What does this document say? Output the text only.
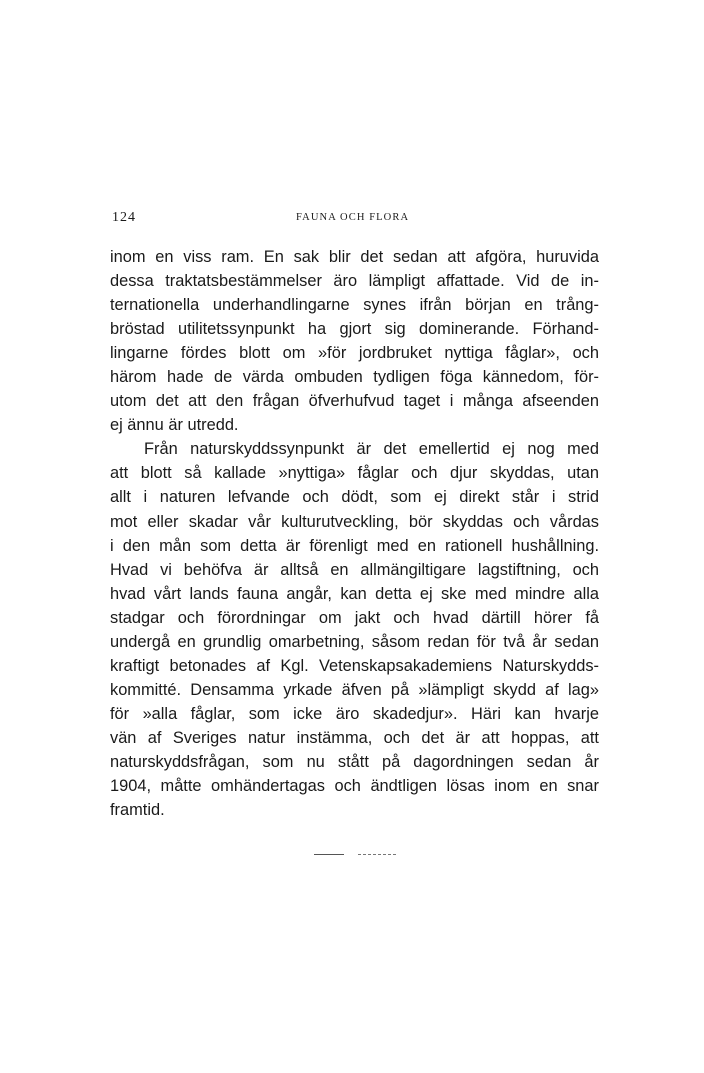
124	FAUNA OCH FLORA
inom en viss ram. En sak blir det sedan att afgöra, huruvida
dessa traktatsbestämmelser äro lämpligt affattade. Vid de in-
ternationella underhandlingarne synes ifrån början en trång-
bröstad utilitetssynpunkt ha gjort sig dominerande. Förhand-
lingarne fördes blott om »för jordbruket nyttiga fåglar», och
härom hade de värda ombuden tydligen föga kännedom, för-
utom det att den frågan öfverhufvud taget i många afseenden
ej ännu är utredd.
Från naturskyddssynpunkt är det emellertid ej nog med
att blott så kallade »nyttiga» fåglar och djur skyddas, utan
allt i naturen lefvande och dödt, som ej direkt står i strid
mot eller skadar vår kulturutveckling, bör skyddas och vårdas
i den mån som detta är förenligt med en rationell hushållning.
Hvad vi behöfva är alltså en allmängiltigare lagstiftning, och
hvad vårt lands fauna angår, kan detta ej ske med mindre alla
stadgar och förordningar om jakt och hvad därtill hörer få
undergå en grundlig omarbetning, såsom redan för två år sedan
kraftigt betonades af Kgl. Vetenskapsakademiens Naturskydds-
kommitté. Densamma yrkade äfven på »lämpligt skydd af lag»
för »alla fåglar, som icke äro skadedjur». Häri kan hvarje
vän af Sveriges natur instämma, och det är att hoppas, att
naturskyddsfrågan, som nu stått på dagordningen sedan år
1904, måtte omhändertagas och ändtligen lösas inom en snar
framtid.
